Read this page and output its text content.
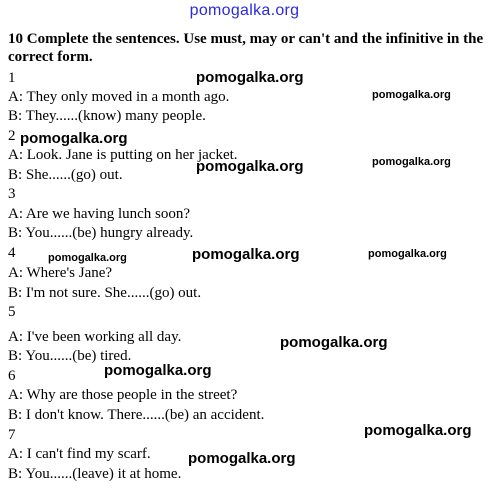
pomogalka.org
10 Complete the sentences. Use must, may or can't and the infinitive in the correct form.
1
A: They only moved in a month ago.
B: They......(know) many people.
2
A: Look. Jane is putting on her jacket.
B: She......(go) out.
3
A: Are we having lunch soon?
B: You......(be) hungry already.
4
A: Where's Jane?
B: I'm not sure. She......(go) out.
5
A: I've been working all day.
B: You......(be) tired.
6
A: Why are those people in the street?
B: I don't know. There......(be) an accident.
7
A: I can't find my scarf.
B: You......(leave) it at home.
pomogalka.org
pomogalka.org
pomogalka.org
pomogalka.org	pomogalka.org
pomogalka.org	pomogalka.org	pomogalka.org
pomogalka.org
pomogalka.org
pomogalka.org
pomogalka.org
